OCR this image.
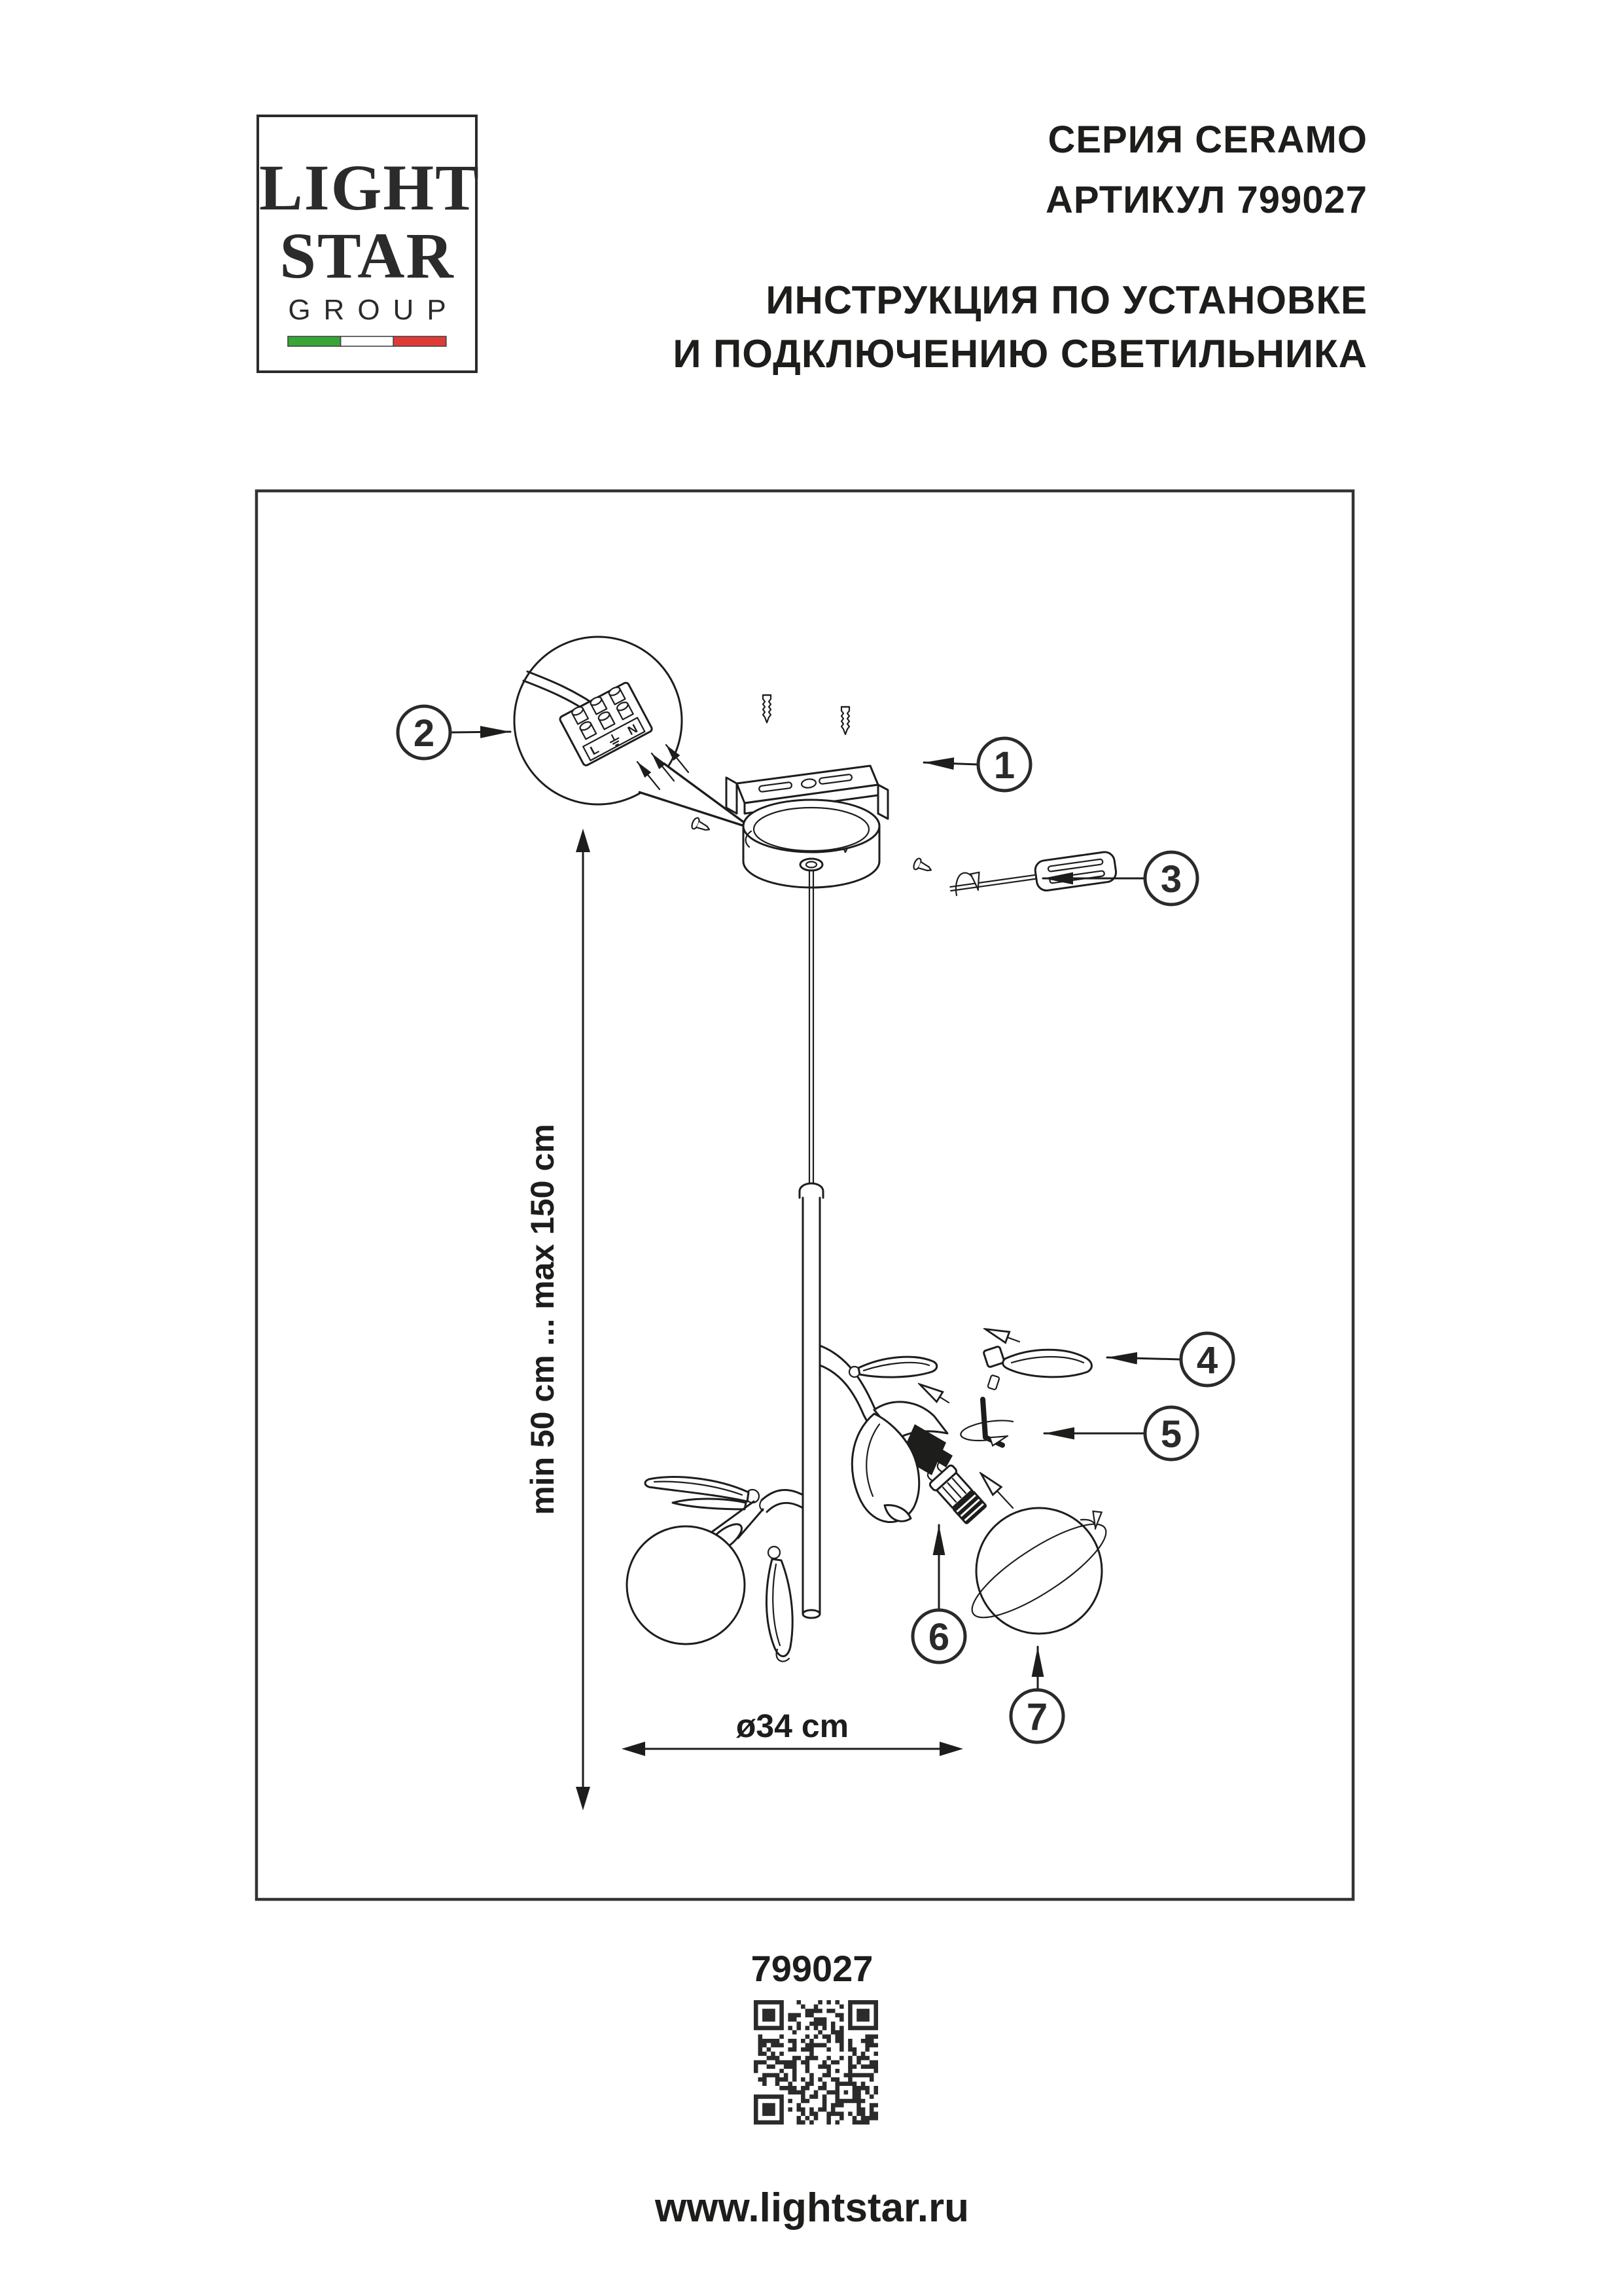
LIGHT
STAR
GROUP
СЕРИЯ CERAMO
АРТИКУЛ 799027
ИНСТРУКЦИЯ ПО УСТАНОВКЕ
И ПОДКЛЮЧЕНИЮ СВЕТИЛЬНИКА
L
N
2
1
3
min 50 cm ... max 150 cm	4
5
6
7
ø34 cm
799027
www.lightstar.ru
